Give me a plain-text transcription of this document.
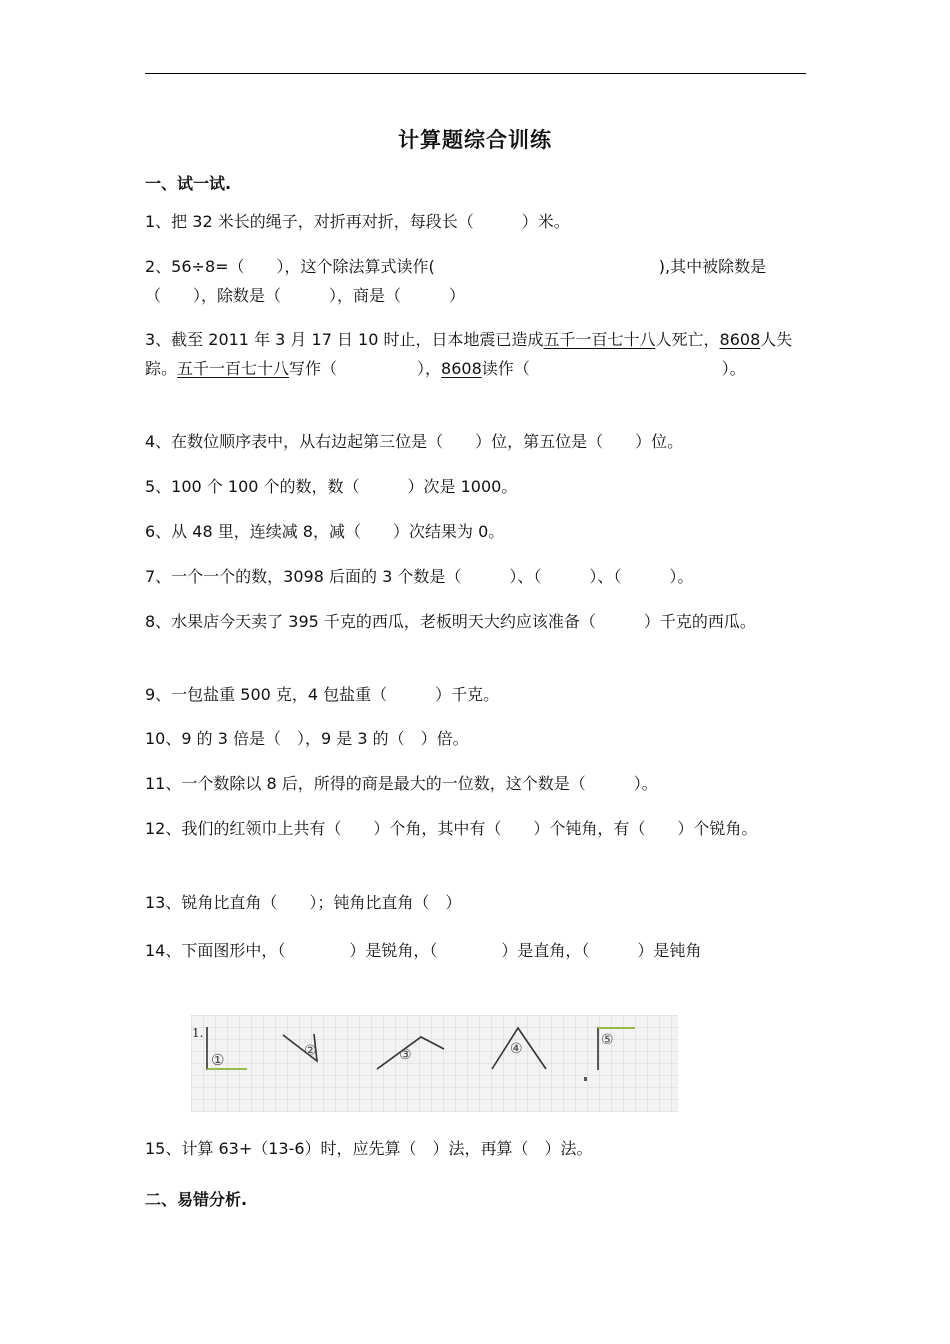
计算题综合训练
一、试一试.
1、把 32 米长的绳子，对折再对折，每段长（　　　）米。
2、56÷8=（　　），这个除法算式读作(　　　　　　　　　　　　　　),其中被除数是（　　），除数是（　　　），商是（　　　）
3、截至 2011 年 3 月 17 日 10 时止，日本地震已造成五千一百七十八人死亡，8608人失踪。五千一百七十八写作（　　　　　），8608读作（　　　　　　　　　　　　）。
4、在数位顺序表中，从右边起第三位是（　　）位，第五位是（　　）位。
5、100 个 100 个的数，数（　　　）次是 1000。
6、从 48 里，连续减 8，减（　　）次结果为 0。
7、一个一个的数，3098 后面的 3 个数是（　　　）、（　　　）、（　　　）。
8、水果店今天卖了 395 千克的西瓜，老板明天大约应该准备（　　　）千克的西瓜。
9、一包盐重 500 克，4 包盐重（　　　）千克。
10、9 的 3 倍是（　），9 是 3 的（　）倍。
11、一个数除以 8 后，所得的商是最大的一位数，这个数是（　　　）。
12、我们的红领巾上共有（　　）个角，其中有（　　）个钝角，有（　　）个锐角。
13、锐角比直角（　　）；钝角比直角（　）
14、下面图形中，（　　　　）是锐角，（　　　　）是直角，（　　　）是钝角
1.
①	②	③	④
⑤
15、计算 63+（13-6）时，应先算（　）法，再算（　）法。
二、易错分析.
